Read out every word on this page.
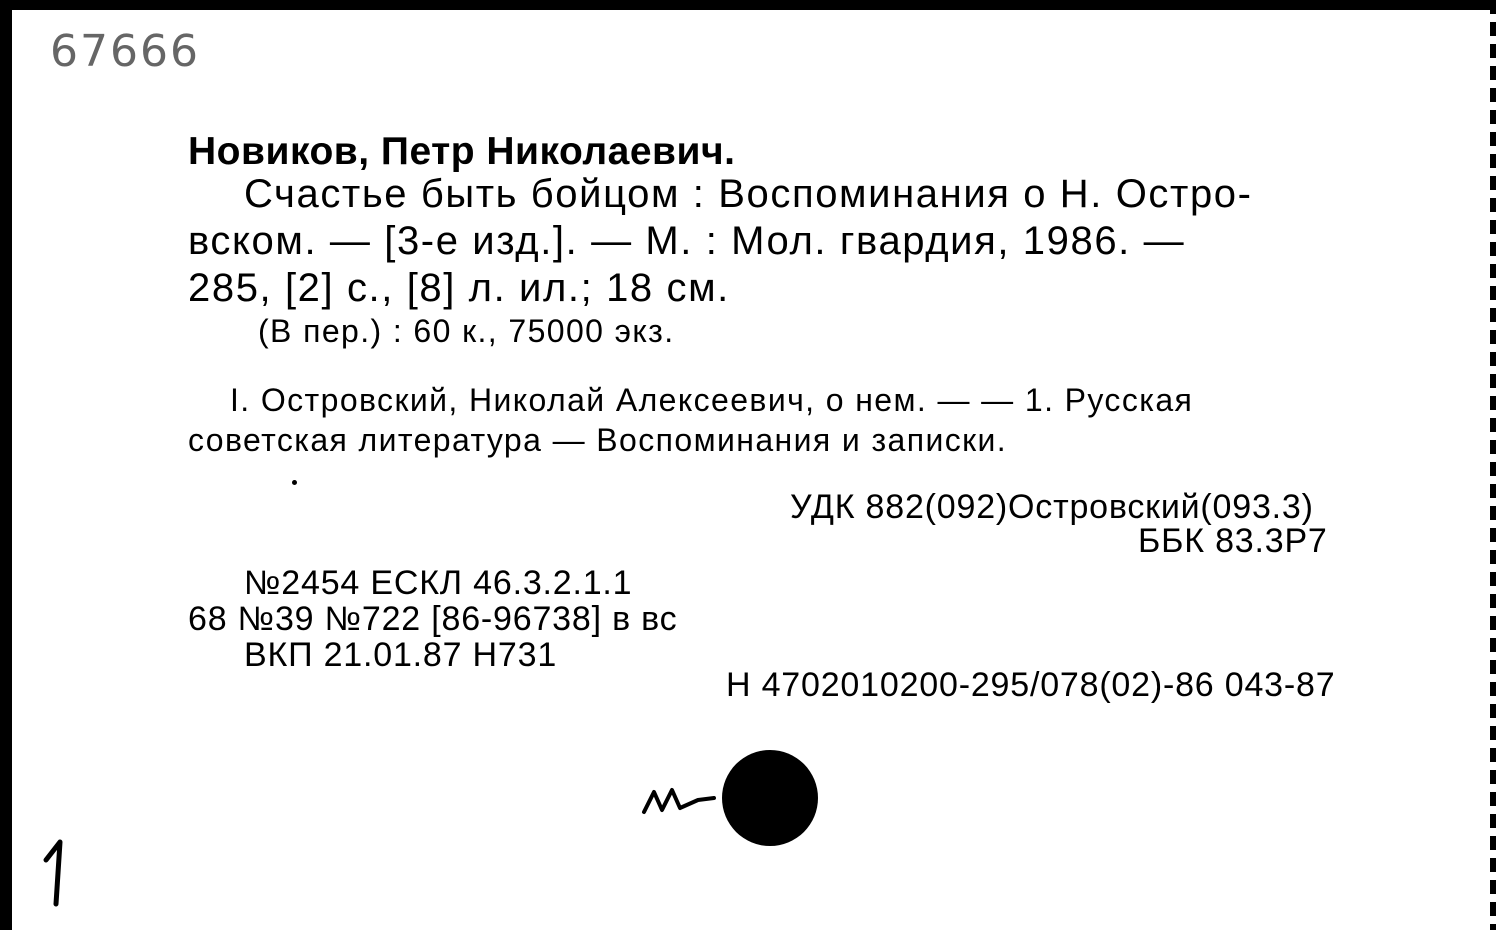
67666
Новиков, Петр Николаевич.
Счастье быть бойцом : Воспоминания о Н. Остро-
вском. — [3-е изд.]. — М. : Мол. гвардия, 1986. —
285, [2] с., [8] л. ил.; 18 см.
(В пер.) : 60 к., 75000 экз.
I. Островский, Николай Алексеевич, о нем. — — 1. Русская
советская литература — Воспоминания и записки.
УДК 882(092)Островский(093.3)
ББК 83.3Р7
№2454 ЕСКЛ 46.3.2.1.1
68 №39 №722 [86-96738] в вс
ВКП 21.01.87 Н731
Н 4702010200-295/078(02)-86 043-87
